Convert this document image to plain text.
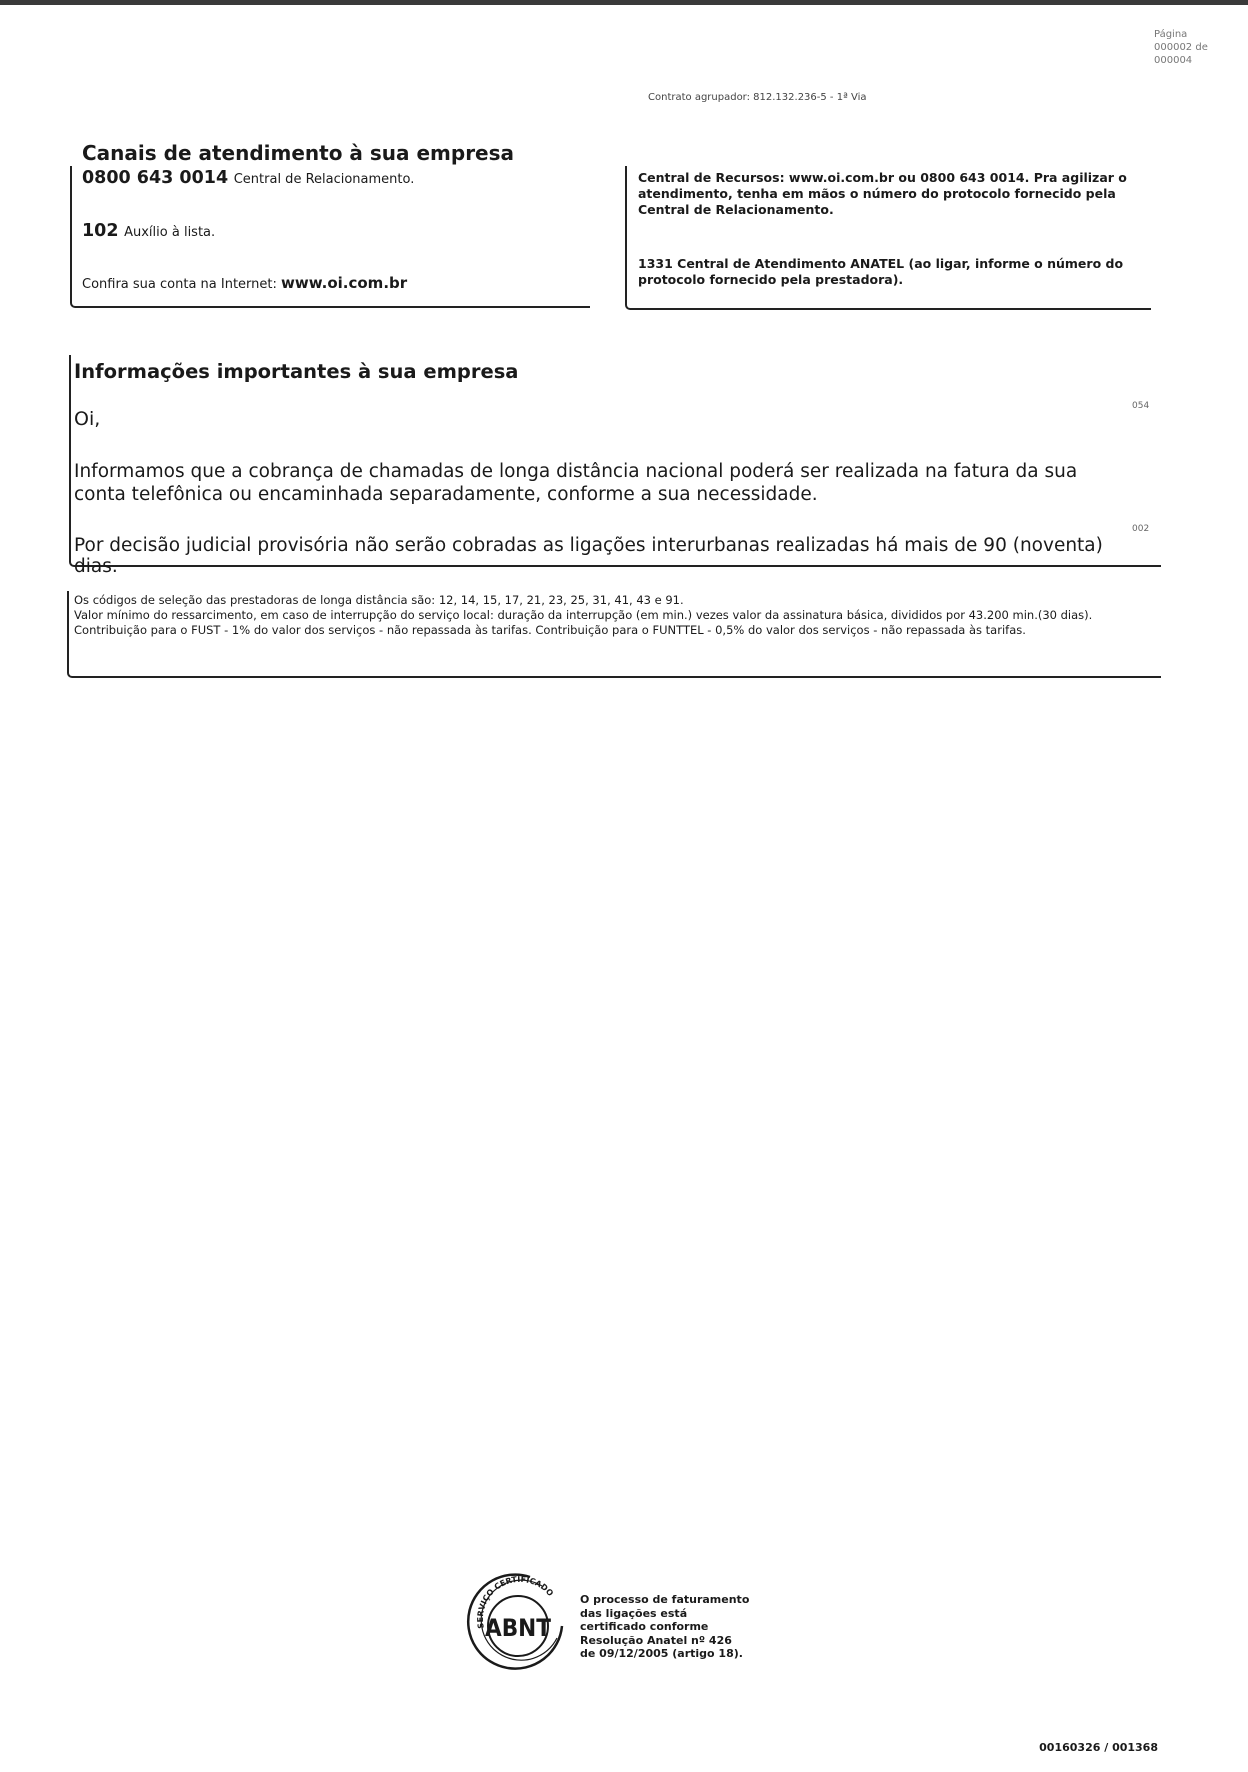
Página
000002 de 000004
Contrato agrupador: 812.132.236-5 - 1ª Via
Canais de atendimento à sua empresa
0800 643 0014 Central de Relacionamento.
102 Auxílio à lista.
Confira sua conta na Internet: www.oi.com.br
Central de Recursos: www.oi.com.br ou 0800 643 0014. Pra agilizar o atendimento, tenha em mãos o número do protocolo fornecido pela Central de Relacionamento.
1331 Central de Atendimento ANATEL (ao ligar, informe o número do protocolo fornecido pela prestadora).
Informações importantes à sua empresa
Oi,
Informamos que a cobrança de chamadas de longa distância nacional poderá ser realizada na fatura da sua conta telefônica ou encaminhada separadamente, conforme a sua necessidade.
Por decisão judicial provisória não serão cobradas as ligações interurbanas realizadas há mais de 90 (noventa) dias.
054
002
Os códigos de seleção das prestadoras de longa distância são: 12, 14, 15, 17, 21, 23, 25, 31, 41, 43 e 91.
Valor mínimo do ressarcimento, em caso de interrupção do serviço local: duração da interrupção (em min.) vezes valor da assinatura básica, divididos por 43.200 min.(30 dias).
Contribuição para o FUST - 1% do valor dos serviços - não repassada às tarifas. Contribuição para o FUNTTEL - 0,5% do valor dos serviços - não repassada às tarifas.
SERVIÇO CERTIFICADO
ABNT
O processo de faturamento das ligações está certificado conforme Resolução Anatel nº 426 de 09/12/2005 (artigo 18).
00160326 / 001368
